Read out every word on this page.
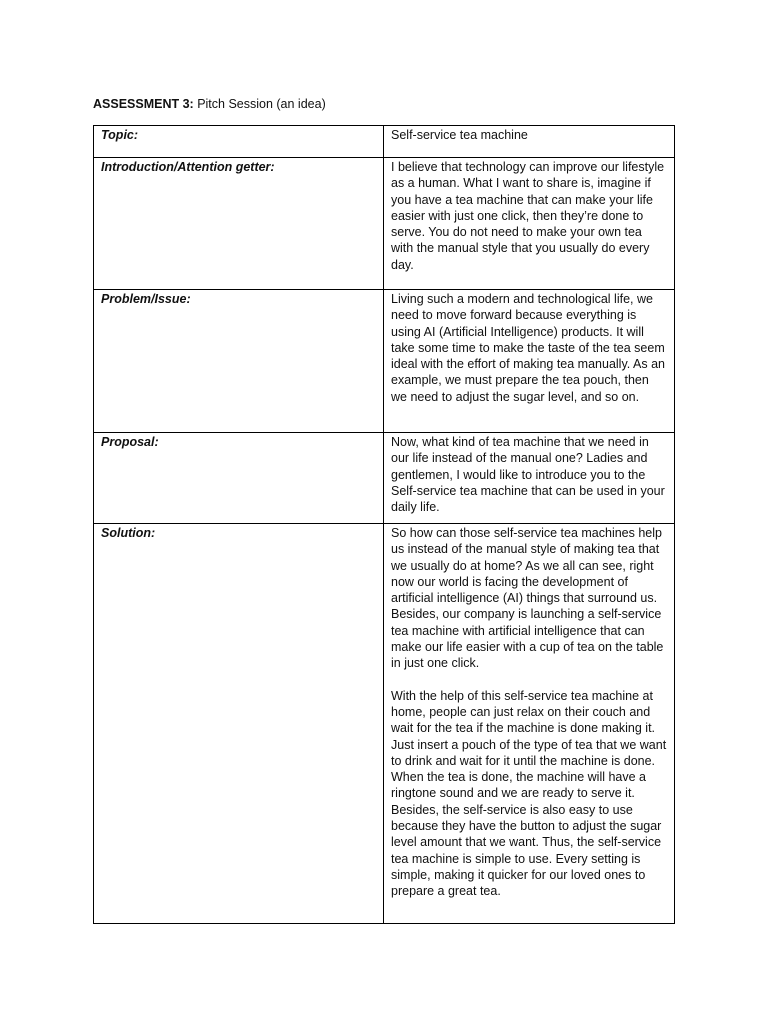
ASSESSMENT 3: Pitch Session (an idea)
Topic:	Self-service tea machine

Introduction/Attention getter:	I believe that technology can improve our lifestyle as a human. What I want to share is, imagine if you have a tea machine that can make your life easier with just one click, then they’re done to serve. You do not need to make your own tea with the manual style that you usually do every day.

Problem/Issue:	Living such a modern and technological life, we need to move forward because everything is using AI (Artificial Intelligence) products. It will take some time to make the taste of the tea seem ideal with the effort of making tea manually. As an example, we must prepare the tea pouch, then we need to adjust the sugar level, and so on.

Proposal:	Now, what kind of tea machine that we need in our life instead of the manual one? Ladies and gentlemen, I would like to introduce you to the Self-service tea machine that can be used in your daily life.

Solution:	So how can those self-service tea machines help us instead of the manual style of making tea that we usually do at home? As we all can see, right now our world is facing the development of artificial intelligence (AI) things that surround us. Besides, our company is launching a self-service tea machine with artificial intelligence that can make our life easier with a cup of tea on the table in just one click.

With the help of this self-service tea machine at home, people can just relax on their couch and wait for the tea if the machine is done making it. Just insert a pouch of the type of tea that we want to drink and wait for it until the machine is done. When the tea is done, the machine will have a ringtone sound and we are ready to serve it. Besides, the self-service is also easy to use because they have the button to adjust the sugar level amount that we want. Thus, the self-service tea machine is simple to use. Every setting is simple, making it quicker for our loved ones to prepare a great tea.
